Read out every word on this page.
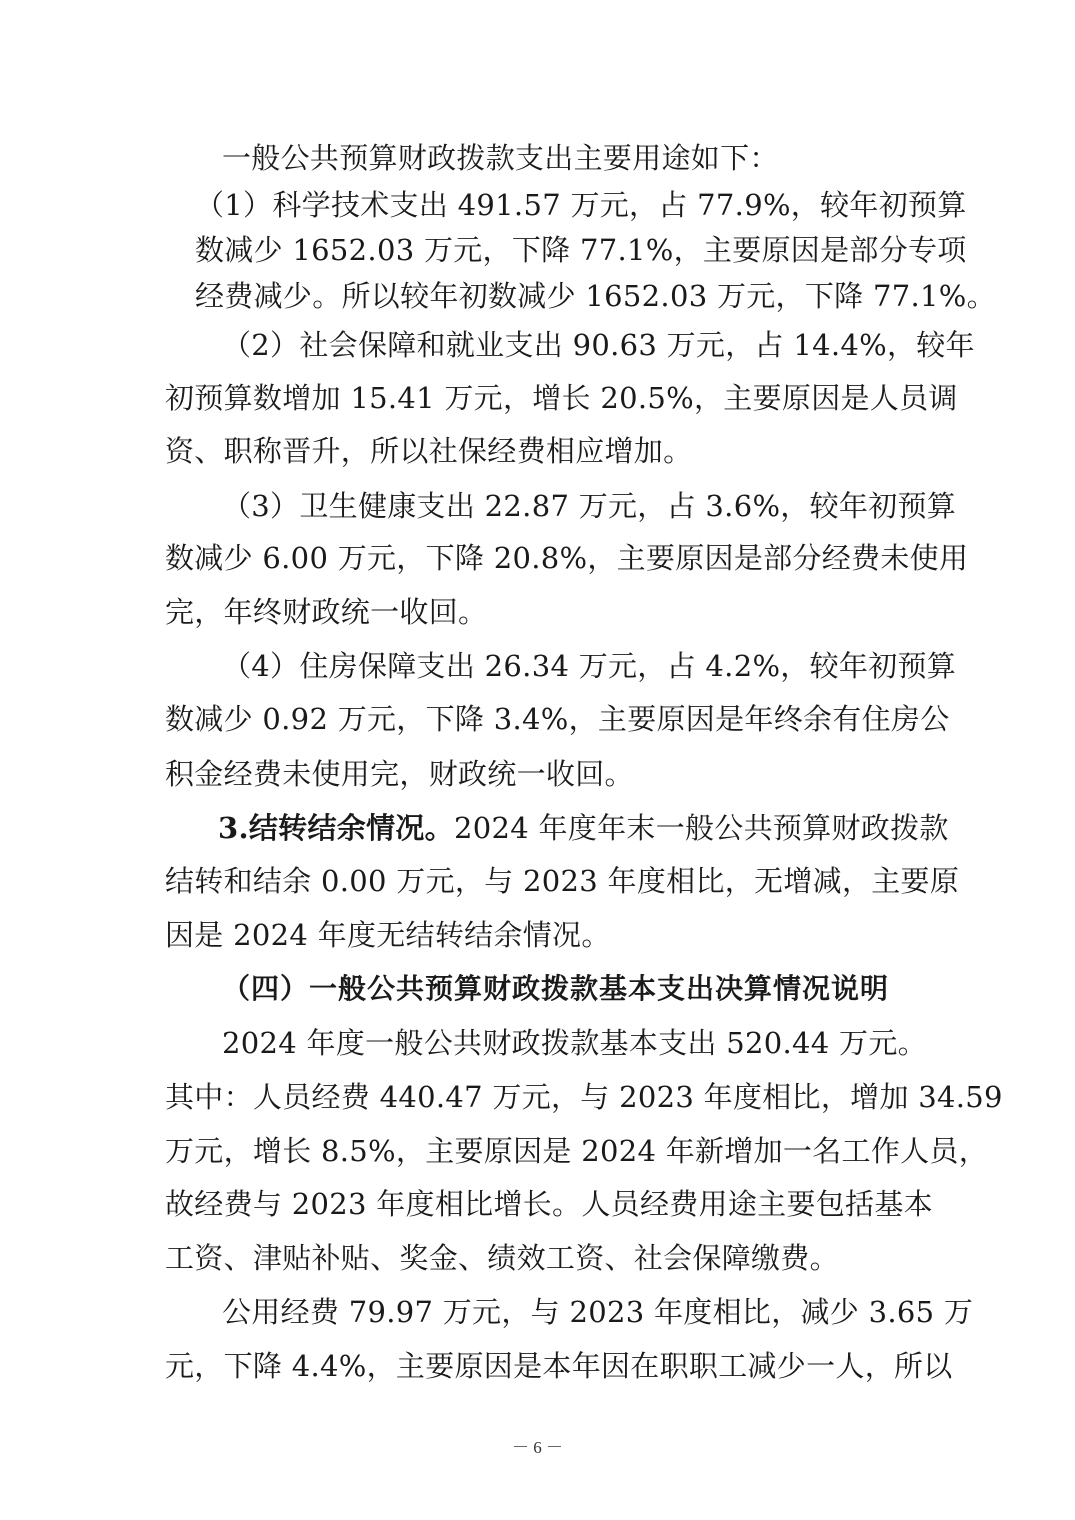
一般公共预算财政拨款支出主要用途如下：
（1）科学技术支出 491.57 万元，占 77.9%，较年初预算
数减少 1652.03 万元，下降 77.1%，主要原因是部分专项
经费减少。所以较年初数减少 1652.03 万元，下降 77.1%。
（2）社会保障和就业支出 90.63 万元，占 14.4%，较年
初预算数增加 15.41 万元，增长 20.5%，主要原因是人员调
资、职称晋升，所以社保经费相应增加。
（3）卫生健康支出 22.87 万元，占 3.6%，较年初预算
数减少 6.00 万元，下降 20.8%，主要原因是部分经费未使用
完，年终财政统一收回。
（4）住房保障支出 26.34 万元，占 4.2%，较年初预算
数减少 0.92 万元，下降 3.4%，主要原因是年终余有住房公
积金经费未使用完，财政统一收回。
3.结转结余情况。2024 年度年末一般公共预算财政拨款
结转和结余 0.00 万元，与 2023 年度相比，无增减，主要原
因是 2024 年度无结转结余情况。
（四）一般公共预算财政拨款基本支出决算情况说明
2024 年度一般公共财政拨款基本支出 520.44 万元。
其中：人员经费 440.47 万元，与 2023 年度相比，增加 34.59
万元，增长 8.5%，主要原因是 2024 年新增加一名工作人员，
故经费与 2023 年度相比增长。人员经费用途主要包括基本
工资、津贴补贴、奖金、绩效工资、社会保障缴费。
公用经费 79.97 万元，与 2023 年度相比，减少 3.65 万
元，下降 4.4%，主要原因是本年因在职职工减少一人，所以
－ 6 －
